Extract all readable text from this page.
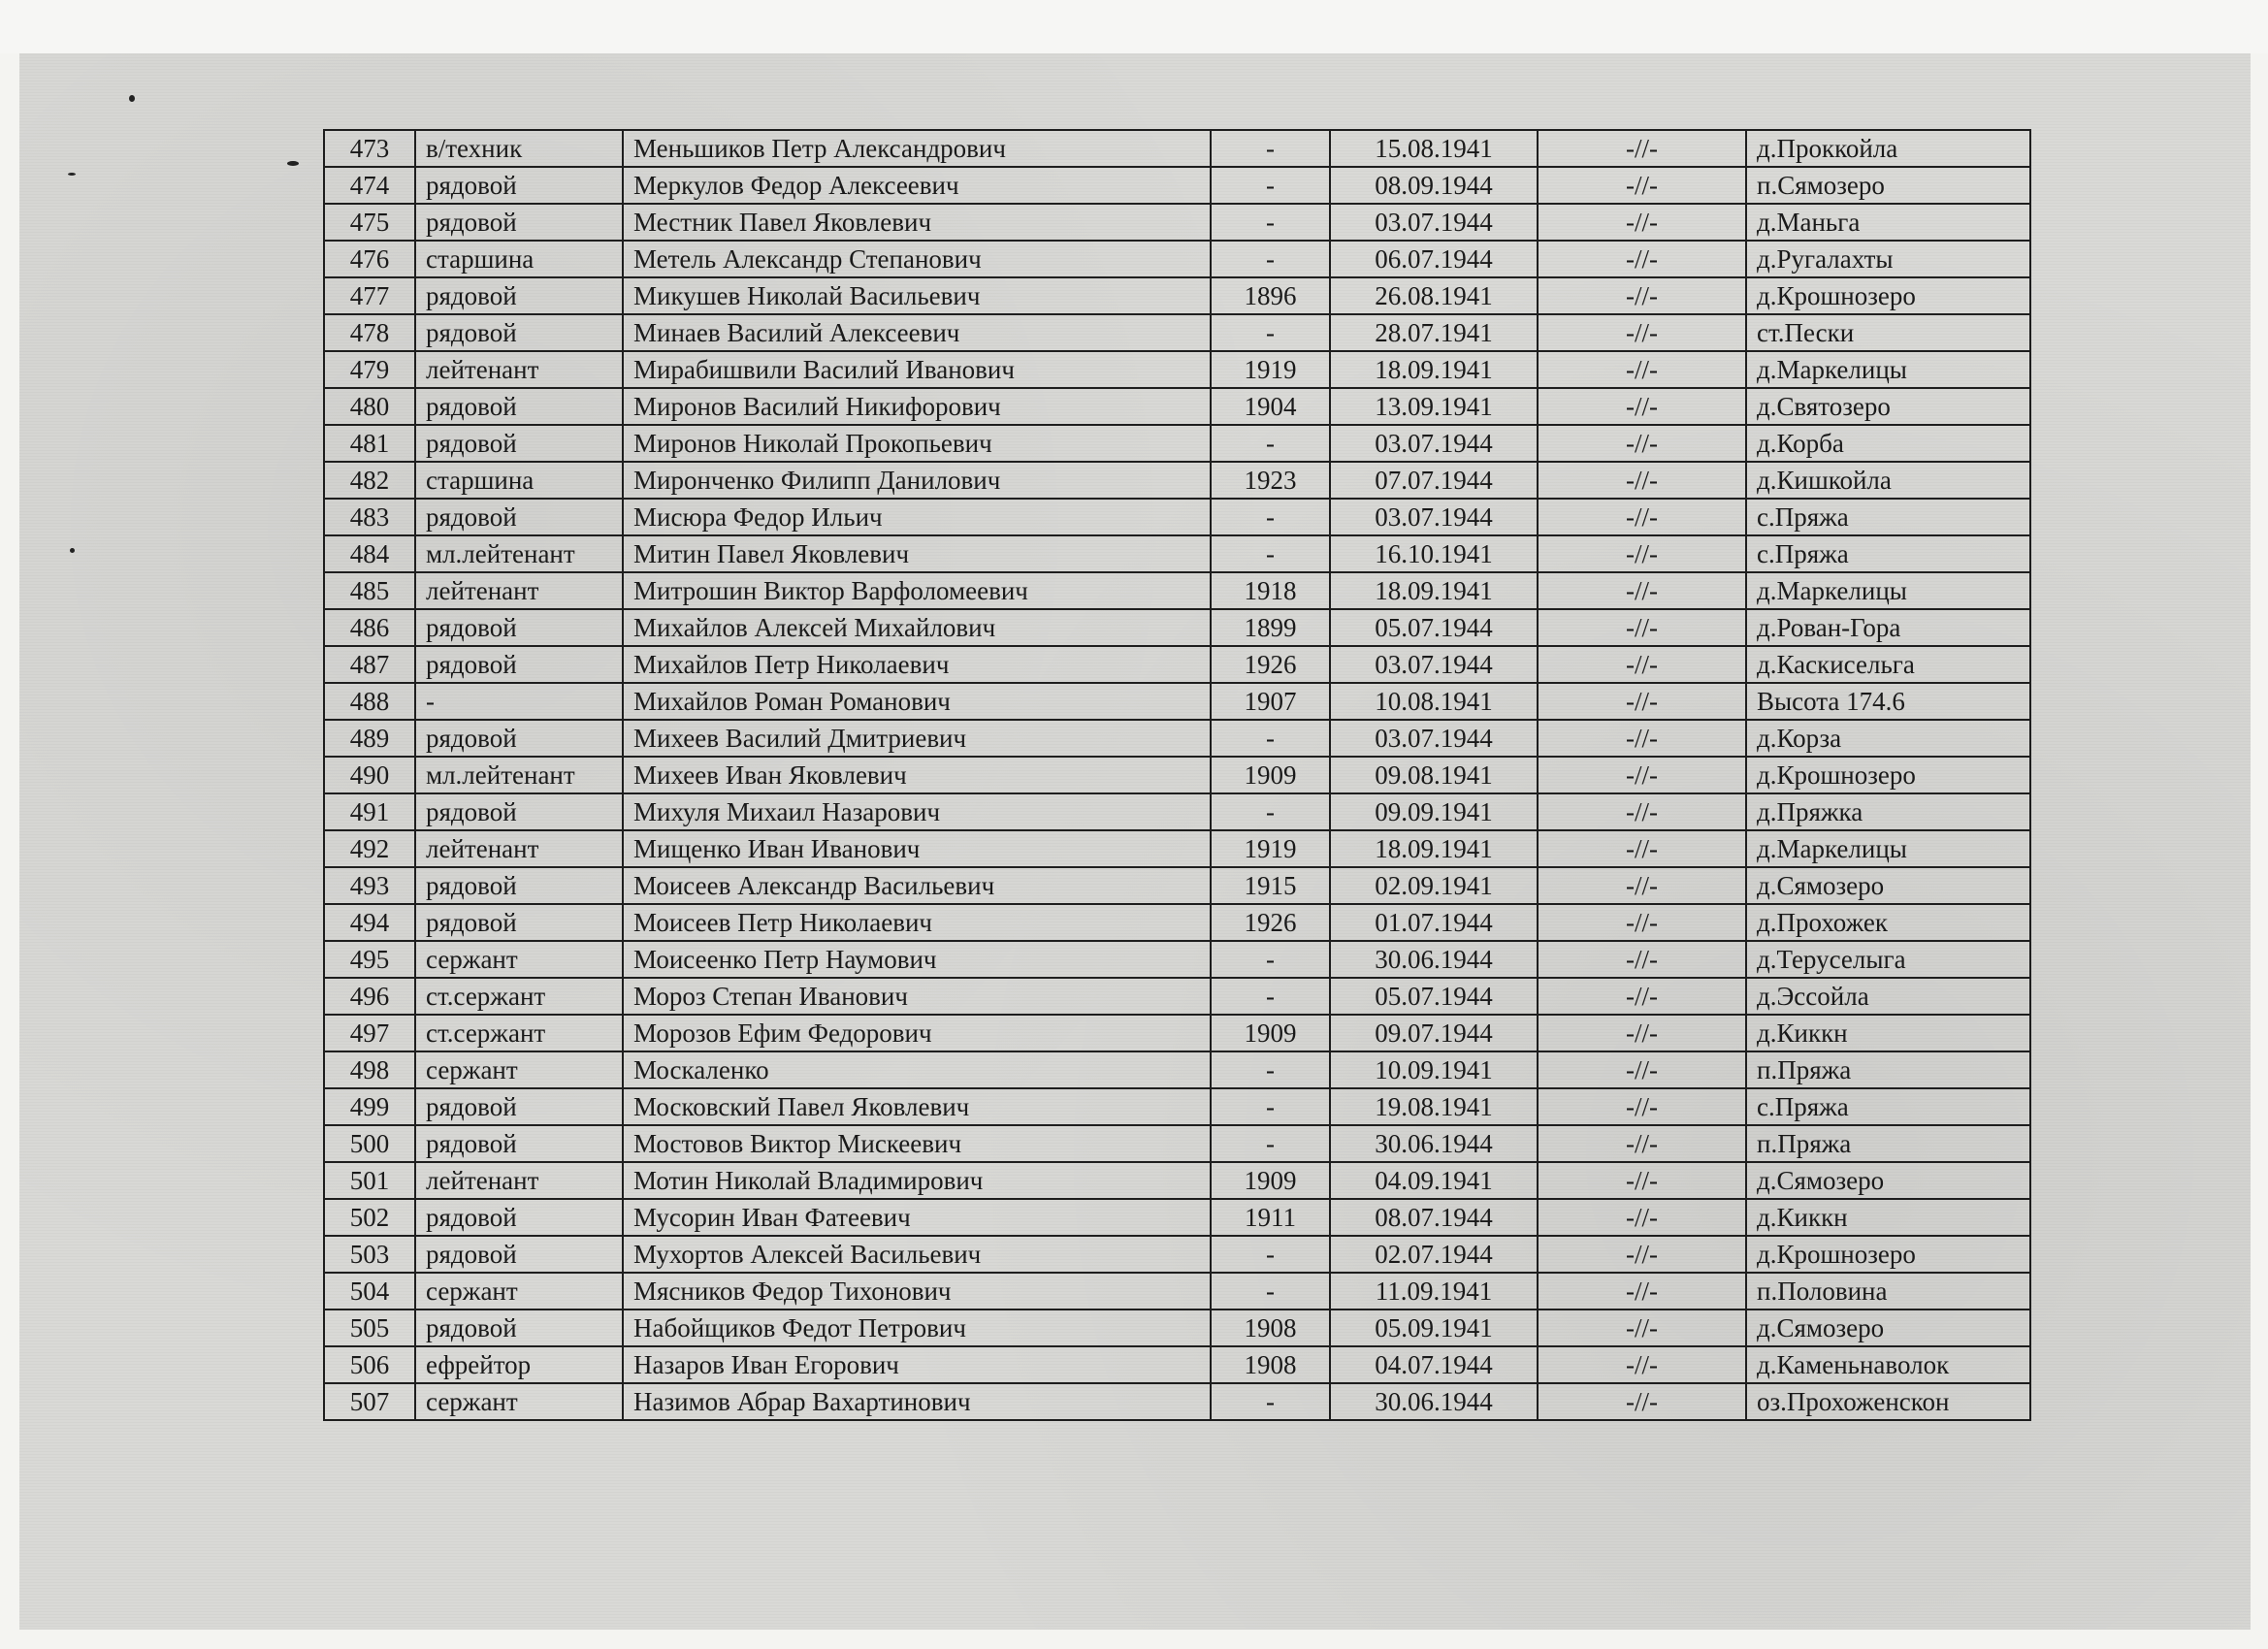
473	в/техник	Меньшиков Петр Александрович	-	15.08.1941	-//-	д.Проккойла
474	рядовой	Меркулов Федор Алексеевич	-	08.09.1944	-//-	п.Сямозеро
475	рядовой	Местник Павел Яковлевич	-	03.07.1944	-//-	д.Маньга
476	старшина	Метель Александр Степанович	-	06.07.1944	-//-	д.Ругалахты
477	рядовой	Микушев Николай Васильевич	1896	26.08.1941	-//-	д.Крошнозеро
478	рядовой	Минаев Василий Алексеевич	-	28.07.1941	-//-	ст.Пески
479	лейтенант	Мирабишвили Василий Иванович	1919	18.09.1941	-//-	д.Маркелицы
480	рядовой	Миронов Василий Никифорович	1904	13.09.1941	-//-	д.Святозеро
481	рядовой	Миронов Николай Прокопьевич	-	03.07.1944	-//-	д.Корба
482	старшина	Миронченко Филипп Данилович	1923	07.07.1944	-//-	д.Кишкойла
483	рядовой	Мисюра Федор Ильич	-	03.07.1944	-//-	с.Пряжа
484	мл.лейтенант	Митин Павел Яковлевич	-	16.10.1941	-//-	с.Пряжа
485	лейтенант	Митрошин Виктор Варфоломеевич	1918	18.09.1941	-//-	д.Маркелицы
486	рядовой	Михайлов Алексей Михайлович	1899	05.07.1944	-//-	д.Рован-Гора
487	рядовой	Михайлов Петр Николаевич	1926	03.07.1944	-//-	д.Каскисельга
488	-	Михайлов Роман Романович	1907	10.08.1941	-//-	Высота 174.6
489	рядовой	Михеев Василий Дмитриевич	-	03.07.1944	-//-	д.Корза
490	мл.лейтенант	Михеев Иван Яковлевич	1909	09.08.1941	-//-	д.Крошнозеро
491	рядовой	Михуля Михаил Назарович	-	09.09.1941	-//-	д.Пряжка
492	лейтенант	Мищенко Иван Иванович	1919	18.09.1941	-//-	д.Маркелицы
493	рядовой	Моисеев Александр Васильевич	1915	02.09.1941	-//-	д.Сямозеро
494	рядовой	Моисеев Петр Николаевич	1926	01.07.1944	-//-	д.Прохожек
495	сержант	Моисеенко Петр Наумович	-	30.06.1944	-//-	д.Теруселыга
496	ст.сержант	Мороз Степан Иванович	-	05.07.1944	-//-	д.Эссойла
497	ст.сержант	Морозов Ефим Федорович	1909	09.07.1944	-//-	д.Киккн
498	сержант	Москаленко	-	10.09.1941	-//-	п.Пряжа
499	рядовой	Московский Павел Яковлевич	-	19.08.1941	-//-	с.Пряжа
500	рядовой	Мостовов Виктор Мискеевич	-	30.06.1944	-//-	п.Пряжа
501	лейтенант	Мотин Николай Владимирович	1909	04.09.1941	-//-	д.Сямозеро
502	рядовой	Мусорин Иван Фатеевич	1911	08.07.1944	-//-	д.Киккн
503	рядовой	Мухортов Алексей Васильевич	-	02.07.1944	-//-	д.Крошнозеро
504	сержант	Мясников Федор Тихонович	-	11.09.1941	-//-	п.Половина
505	рядовой	Набойщиков Федот Петрович	1908	05.09.1941	-//-	д.Сямозеро
506	ефрейтор	Назаров Иван Егорович	1908	04.07.1944	-//-	д.Каменьнаволок
507	сержант	Назимов Абрар Вахартинович	-	30.06.1944	-//-	оз.Прохоженскон
